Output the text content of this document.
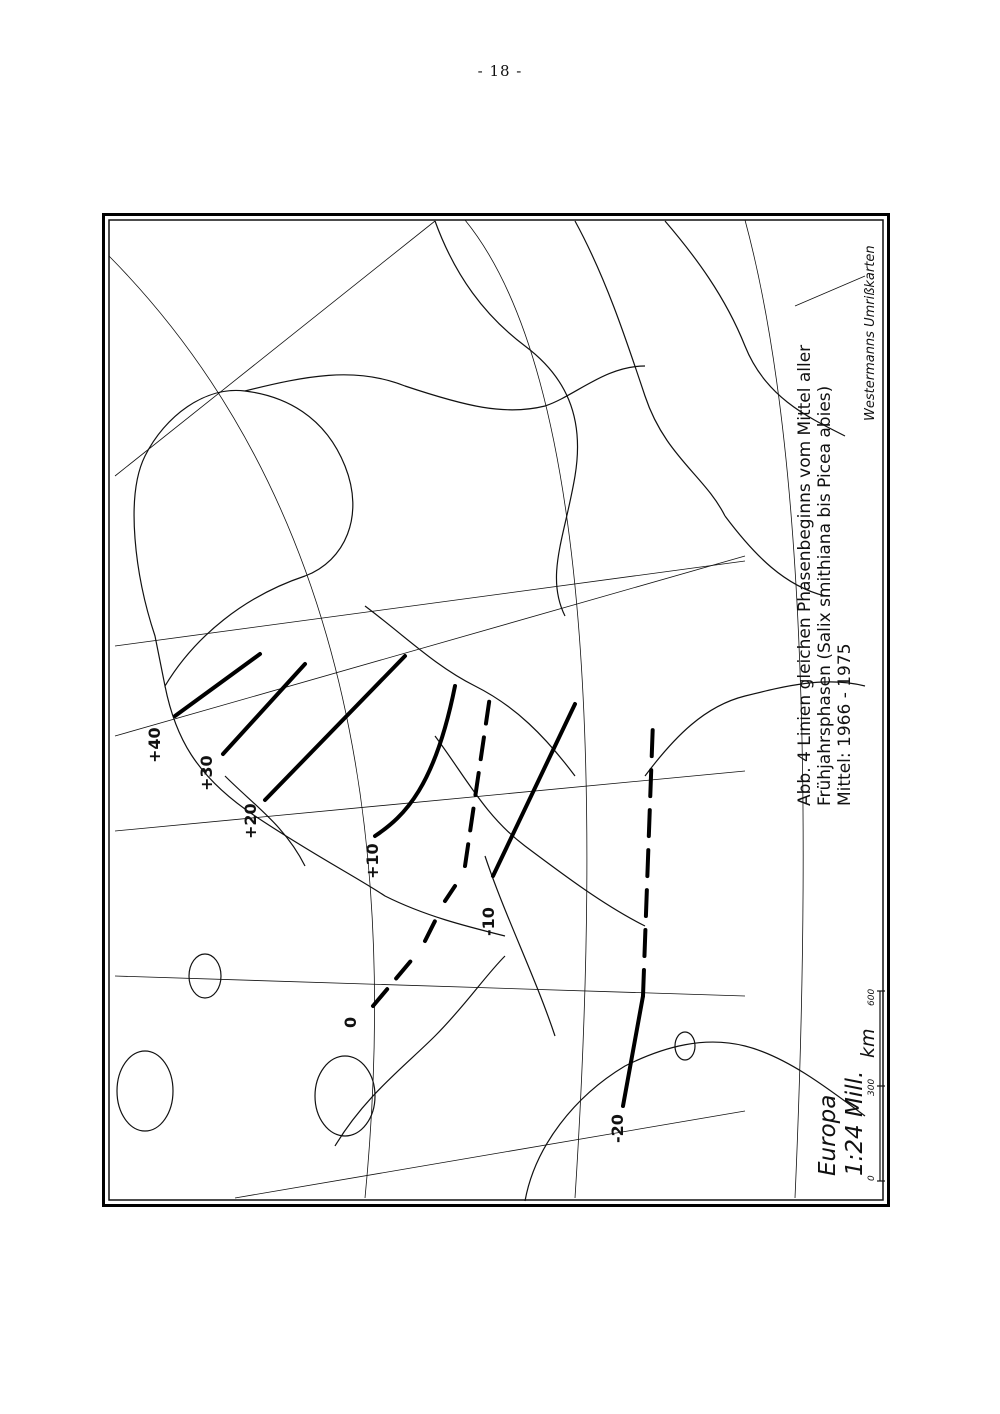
- 18 -
+40
+30
+20
+10
0
-10
-20
Abb. 4 Linien gleichen Phasenbeginns vom Mittel aller Frühjahrsphasen (Salix smithiana bis Picea abies) Mittel: 1966 - 1975
Westermanns Umrißkarten
Europa 1:24 Mill.
0
300
600
km
